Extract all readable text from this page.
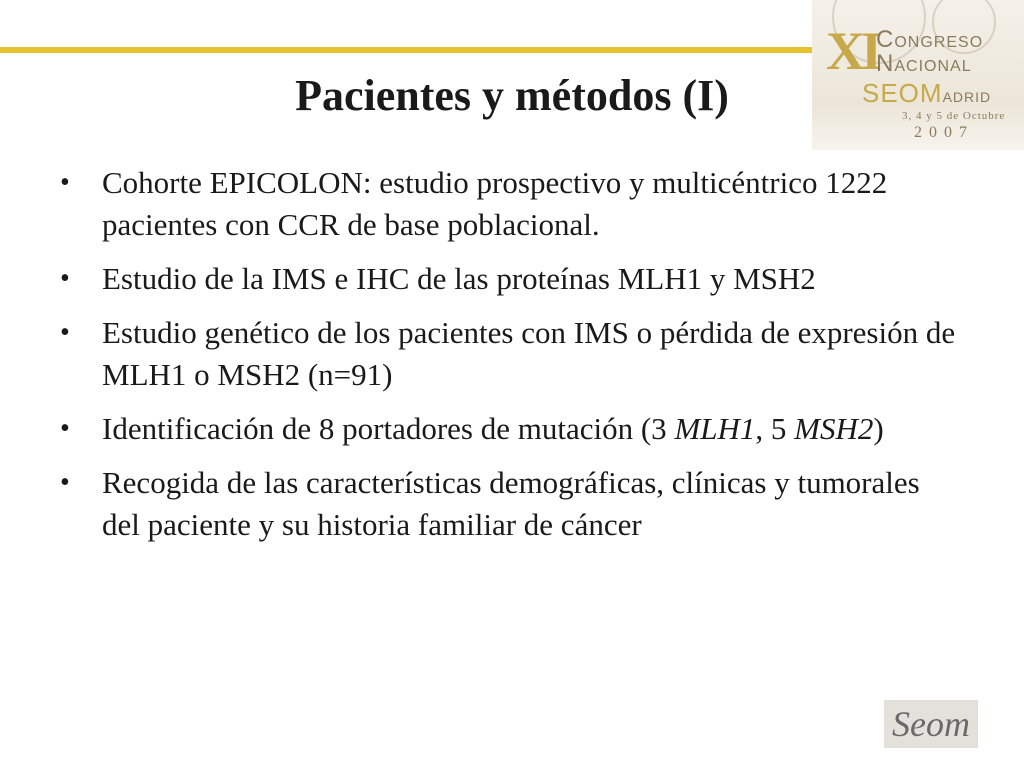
XI
CONGRESO
NACIONAL
SEOMADRID
3, 4 y 5 de Octubre
2007
Pacientes y métodos (I)
• Cohorte EPICOLON: estudio prospectivo y multicéntrico 1222 pacientes con CCR de base poblacional.
• Estudio de la IMS e IHC de las proteínas MLH1 y MSH2
• Estudio genético de los pacientes con IMS o pérdida de expresión de MLH1 o MSH2 (n=91)
• Identificación de 8 portadores de mutación (3 MLH1, 5 MSH2)
• Recogida de las características demográficas, clínicas y tumorales del paciente y su historia familiar de cáncer
Seom
